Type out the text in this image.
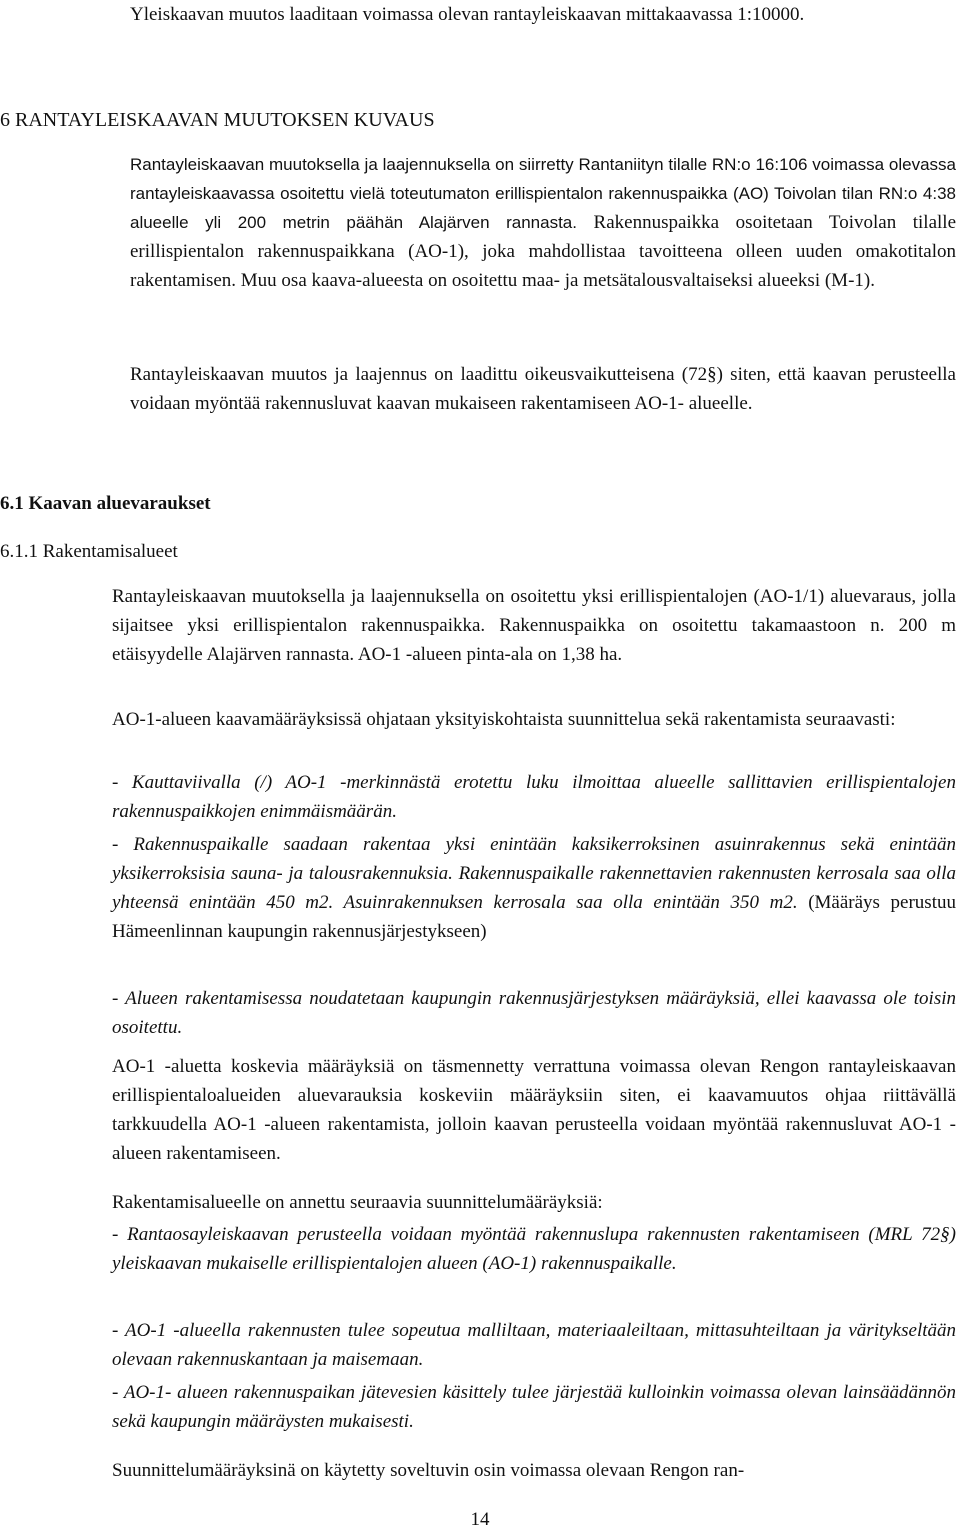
Yleiskaavan muutos laaditaan voimassa olevan rantayleiskaavan mittakaavassa 1:10000.

6 RANTAYLEISKAAVAN MUUTOKSEN KUVAUS

Rantayleiskaavan muutoksella ja laajennuksella on siirretty Rantaniityn tilalle RN:o 16:106 voimassa olevassa rantayleiskaavassa osoitettu vielä toteutumaton erillispientalon rakennuspaikka (AO) Toivolan tilan RN:o 4:38 alueelle yli 200 metrin päähän Alajärven rannasta. Rakennuspaikka osoitetaan Toivolan tilalle erillispientalon rakennuspaikkana (AO-1), joka mahdollistaa tavoitteena olleen uuden omakotitalon rakentamisen. Muu osa kaava-alueesta on osoitettu maa- ja metsätalousvaltaiseksi alueeksi (M-1).

Rantayleiskaavan muutos ja laajennus on laadittu oikeusvaikutteisena (72§) siten, että kaavan perusteella voidaan myöntää rakennusluvat kaavan mukaiseen rakentamiseen AO-1- alueelle.

6.1 Kaavan aluevaraukset
6.1.1 Rakentamisalueet

Rantayleiskaavan muutoksella ja laajennuksella on osoitettu yksi erillispientalojen (AO-1/1) aluevaraus, jolla sijaitsee yksi erillispientalon rakennuspaikka. Rakennuspaikka on osoitettu takamaastoon n. 200 m etäisyydelle Alajärven rannasta. AO-1 -alueen pinta-ala on 1,38 ha.

AO-1-alueen kaavamääräyksissä ohjataan yksityiskohtaista suunnittelua sekä rakentamista seuraavasti:

- Kauttaviivalla (/) AO-1 -merkinnästä erotettu luku ilmoittaa alueelle sallittavien erillispientalojen rakennuspaikkojen enimmäismäärän.

- Rakennuspaikalle saadaan rakentaa yksi enintään kaksikerroksinen asuinrakennus sekä enintään yksikerroksisia sauna- ja talousrakennuksia. Rakennuspaikalle rakennettavien rakennusten kerrosala saa olla yhteensä enintään 450 m2. Asuinrakennuksen kerrosala saa olla enintään 350 m2. (Määräys perustuu Hämeenlinnan kaupungin rakennusjärjestykseen)

- Alueen rakentamisessa noudatetaan kaupungin rakennusjärjestyksen määräyksiä, ellei kaavassa ole toisin osoitettu.

AO-1 -aluetta koskevia määräyksiä on täsmennetty verrattuna voimassa olevan Rengon rantayleiskaavan erillispientaloalueiden aluevarauksia koskeviin määräyksiin siten, ei kaavamuutos ohjaa riittävällä tarkkuudella AO-1 -alueen rakentamista, jolloin kaavan perusteella voidaan myöntää rakennusluvat AO-1 -alueen rakentamiseen.

Rakentamisalueelle on annettu seuraavia suunnittelumääräyksiä:

- Rantaosayleiskaavan perusteella voidaan myöntää rakennuslupa rakennusten rakentamiseen (MRL 72§) yleiskaavan mukaiselle erillispientalojen alueen (AO-1) rakennuspaikalle.

- AO-1 -alueella rakennusten tulee sopeutua malliltaan, materiaaleiltaan, mittasuhteiltaan ja väritykseltään olevaan rakennuskantaan ja maisemaan.

- AO-1- alueen rakennuspaikan jätevesien käsittely tulee järjestää kulloinkin voimassa olevan lainsäädännön sekä kaupungin määräysten mukaisesti.

Suunnittelumääräyksinä on käytetty soveltuvin osin voimassa olevaan Rengon ran-

14
